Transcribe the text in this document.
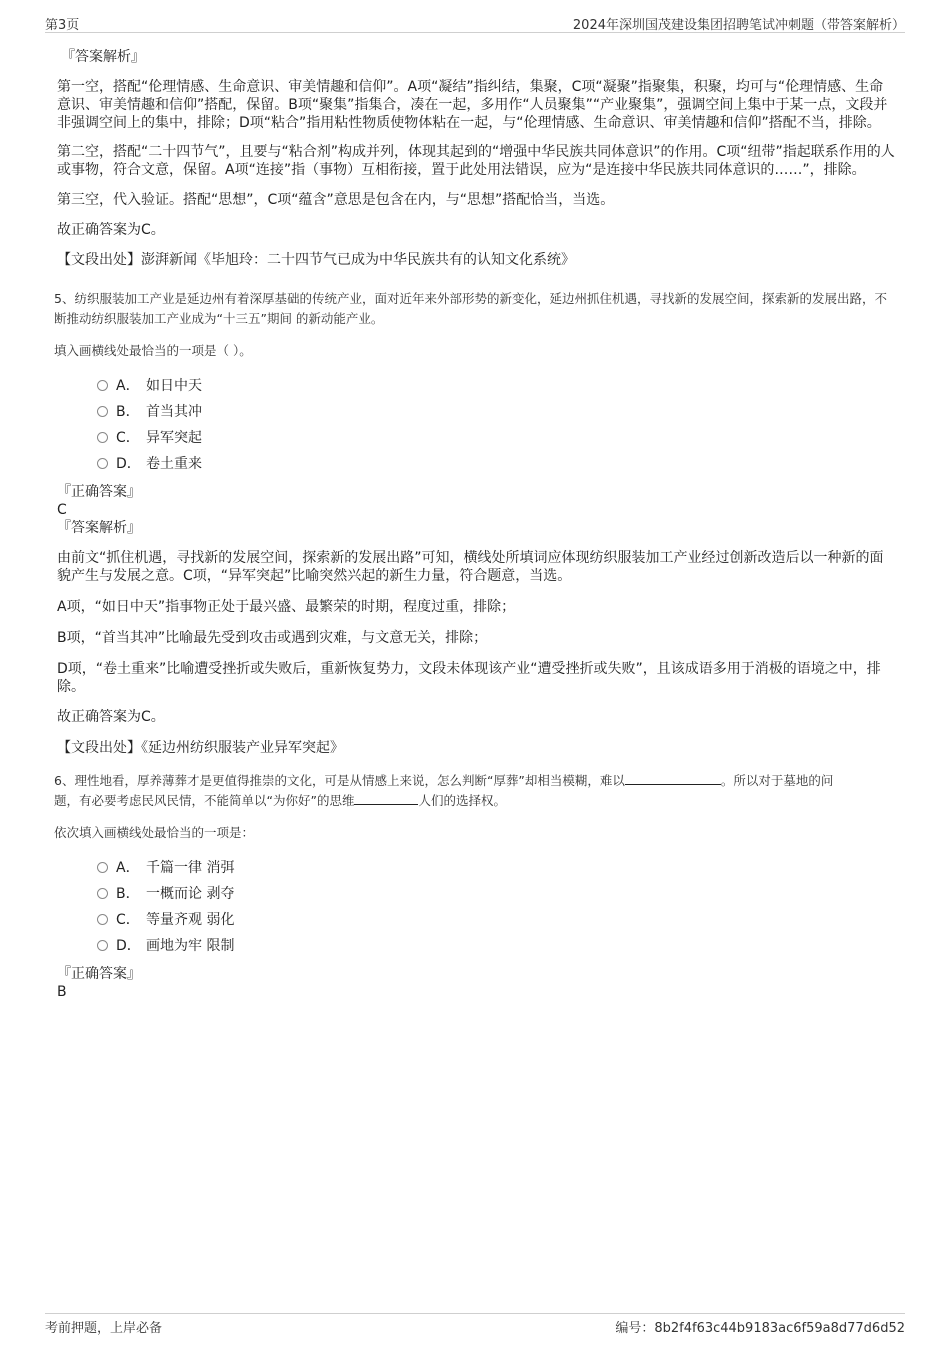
第3页	2024年深圳国茂建设集团招聘笔试冲刺题（带答案解析）

『答案解析』

第一空，搭配“伦理情感、生命意识、审美情趣和信仰”。A项“凝结”指纠结，集聚，C项“凝聚”指聚集，积聚，均可与“伦理情感、生命意识、审美情趣和信仰”搭配，保留。B项“聚集”指集合，凑在一起，多用作“人员聚集”“产业聚集”，强调空间上集中于某一点，文段并非强调空间上的集中，排除；D项“粘合”指用粘性物质使物体粘在一起，与“伦理情感、生命意识、审美情趣和信仰”搭配不当，排除。

第二空，搭配“二十四节气”，且要与“粘合剂”构成并列，体现其起到的“增强中华民族共同体意识”的作用。C项“纽带”指起联系作用的人或事物，符合文意，保留。A项“连接”指（事物）互相衔接，置于此处用法错误，应为“是连接中华民族共同体意识的……”，排除。

第三空，代入验证。搭配“思想”，C项“蕴含”意思是包含在内，与“思想”搭配恰当，当选。

故正确答案为C。

【文段出处】澎湃新闻《毕旭玲：二十四节气已成为中华民族共有的认知文化系统》

5、纺织服装加工产业是延边州有着深厚基础的传统产业，面对近年来外部形势的新变化，延边州抓住机遇，寻找新的发展空间，探索新的发展出路，不断推动纺织服装加工产业成为“十三五”期间 的新动能产业。

填入画横线处最恰当的一项是（ ）。

A． 如日中天
B． 首当其冲
C． 异军突起
D． 卷土重来

『正确答案』

C

『答案解析』

由前文“抓住机遇，寻找新的发展空间，探索新的发展出路”可知，横线处所填词应体现纺织服装加工产业经过创新改造后以一种新的面貌产生与发展之意。C项，“异军突起”比喻突然兴起的新生力量，符合题意，当选。

A项，“如日中天”指事物正处于最兴盛、最繁荣的时期，程度过重，排除；

B项，“首当其冲”比喻最先受到攻击或遇到灾难，与文意无关，排除；

D项，“卷土重来”比喻遭受挫折或失败后，重新恢复势力，文段未体现该产业“遭受挫折或失败”，且该成语多用于消极的语境之中，排除。

故正确答案为C。

【文段出处】《延边州纺织服装产业异军突起》

6、理性地看，厚养薄葬才是更值得推崇的文化，可是从情感上来说，怎么判断“厚葬”却相当模糊，难以	。所以对于墓地的问
题，有必要考虑民风民情，不能简单以“为你好”的思维	人们的选择权。

依次填入画横线处最恰当的一项是：

A． 千篇一律 消弭
B． 一概而论 剥夺
C． 等量齐观 弱化
D． 画地为牢 限制

『正确答案』

B

考前押题，上岸必备	编号：8b2f4f63c44b9183ac6f59a8d77d6d52
